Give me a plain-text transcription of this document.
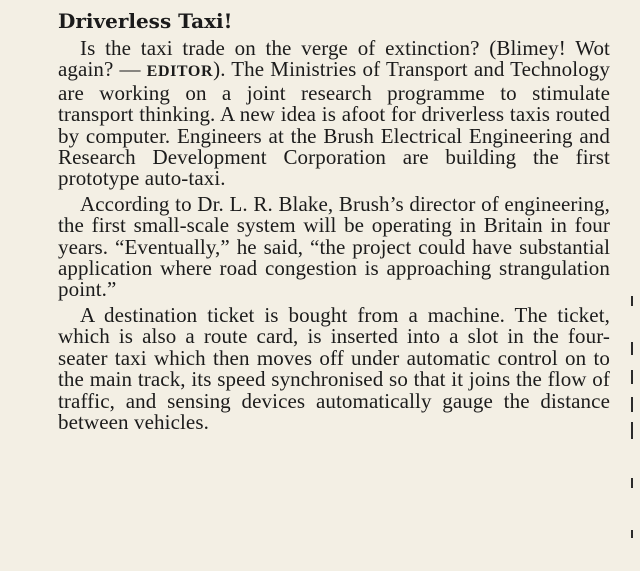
Driverless Taxi!

Is the taxi trade on the verge of extinction? (Blimey! Wot again? — EDITOR). The Ministries of Transport and Technology are working on a joint research programme to stimulate transport thinking. A new idea is afoot for driverless taxis routed by computer. Engineers at the Brush Electrical Engineering and Research Development Corporation are building the first prototype auto-taxi.

According to Dr. L. R. Blake, Brush’s director of engineering, the first small-scale system will be operating in Britain in four years. “Eventually,” he said, “the project could have substantial application where road congestion is approaching strangulation point.”

A destination ticket is bought from a machine. The ticket, which is also a route card, is inserted into a slot in the four-seater taxi which then moves off under automatic control on to the main track, its speed synchronised so that it joins the flow of traffic, and sensing devices automatically gauge the distance between vehicles.
